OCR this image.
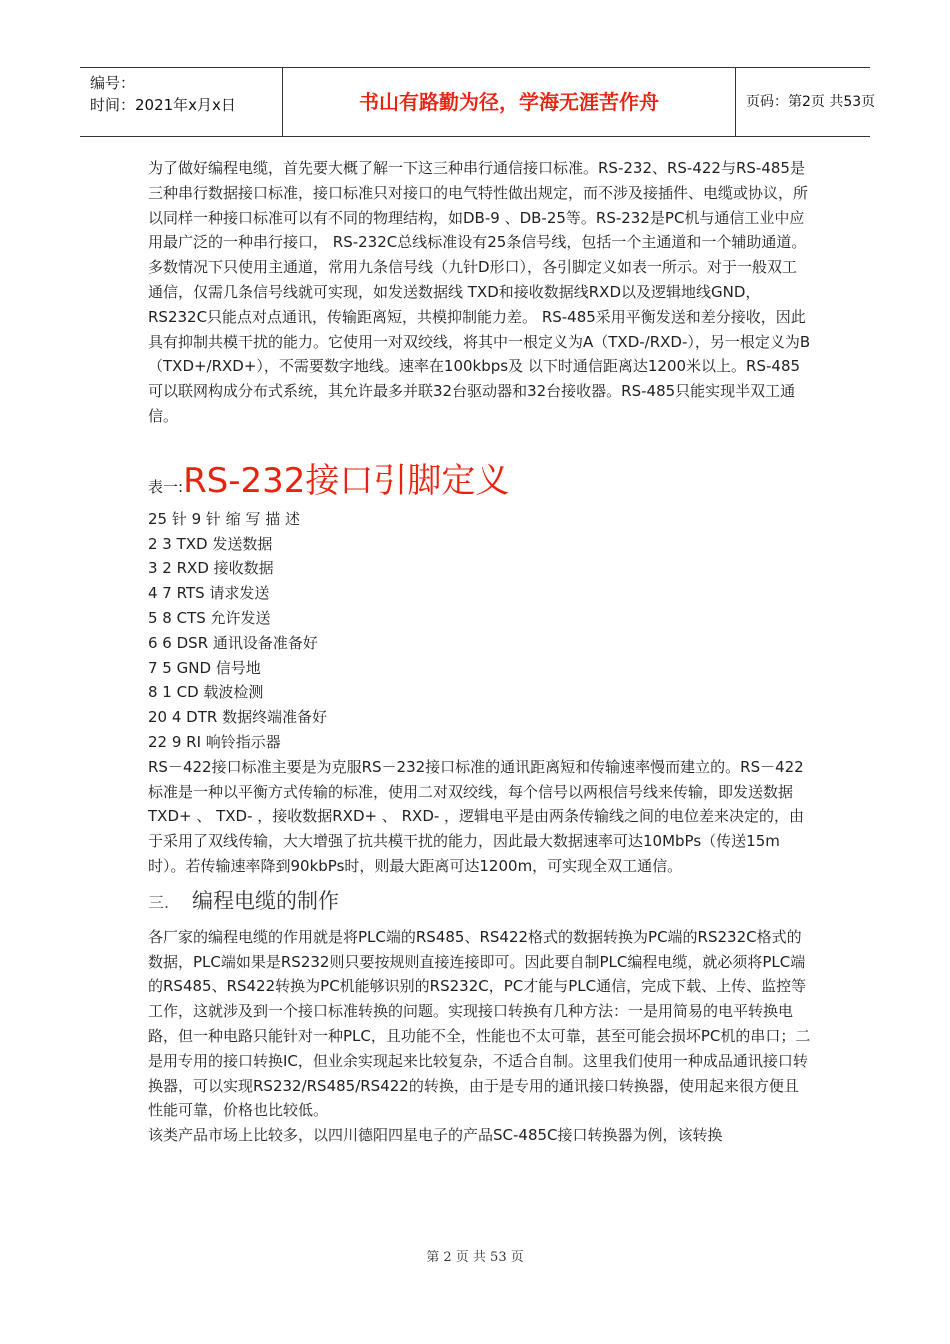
编号：
时间：2021年x月x日	书山有路勤为径，学海无涯苦作舟	页码：第2页 共53页

为了做好编程电缆，首先要大概了解一下这三种串行通信接口标准。RS-232、RS-422与RS-485是三种串行数据接口标准，接口标准只对接口的电气特性做出规定，而不涉及接插件、电缆或协议，所以同样一种接口标准可以有不同的物理结构，如DB-9 、DB-25等。RS-232是PC机与通信工业中应用最广泛的一种串行接口， RS-232C总线标准设有25条信号线，包括一个主通道和一个辅助通道。多数情况下只使用主通道，常用九条信号线（九针D形口），各引脚定义如表一所示。对于一般双工通信，仅需几条信号线就可实现，如发送数据线 TXD和接收数据线RXD以及逻辑地线GND，RS232C只能点对点通讯，传输距离短，共模抑制能力差。 RS-485采用平衡发送和差分接收，因此具有抑制共模干扰的能力。它使用一对双绞线，将其中一根定义为A（TXD-/RXD-），另一根定义为B（TXD+/RXD+），不需要数字地线。速率在100kbps及 以下时通信距离达1200米以上。RS-485可以联网构成分布式系统，其允许最多并联32台驱动器和32台接收器。RS-485只能实现半双工通信。

表一:RS-232接口引脚定义
25 针 9 针 缩 写 描 述
2 3 TXD 发送数据
3 2 RXD 接收数据
4 7 RTS 请求发送
5 8 CTS 允许发送
6 6 DSR 通讯设备准备好
7 5 GND 信号地
8 1 CD 载波检测
20 4 DTR 数据终端准备好
22 9 RI 响铃指示器

RS－422接口标准主要是为克服RS－232接口标准的通讯距离短和传输速率慢而建立的。RS－422标准是一种以平衡方式传输的标准，使用二对双绞线，每个信号以两根信号线来传输，即发送数据TXD+ 、 TXD- ，接收数据RXD+ 、 RXD- ，逻辑电平是由两条传输线之间的电位差来决定的，由于采用了双线传输，大大增强了抗共模干扰的能力，因此最大数据速率可达10MbPs（传送15m时）。若传输速率降到90kbPs时，则最大距离可达1200m，可实现全双工通信。

三. 编程电缆的制作

各厂家的编程电缆的作用就是将PLC端的RS485、RS422格式的数据转换为PC端的RS232C格式的数据，PLC端如果是RS232则只要按规则直接连接即可。因此要自制PLC编程电缆，就必须将PLC端的RS485、RS422转换为PC机能够识别的RS232C，PC才能与PLC通信，完成下载、上传、监控等工作，这就涉及到一个接口标准转换的问题。实现接口转换有几种方法：一是用简易的电平转换电路，但一种电路只能针对一种PLC，且功能不全，性能也不太可靠，甚至可能会损坏PC机的串口；二是用专用的接口转换IC，但业余实现起来比较复杂，不适合自制。这里我们使用一种成品通讯接口转换器，可以实现RS232/RS485/RS422的转换，由于是专用的通讯接口转换器，使用起来很方便且性能可靠，价格也比较低。

该类产品市场上比较多，以四川德阳四星电子的产品SC-485C接口转换器为例，该转换

第 2 页 共 53 页
